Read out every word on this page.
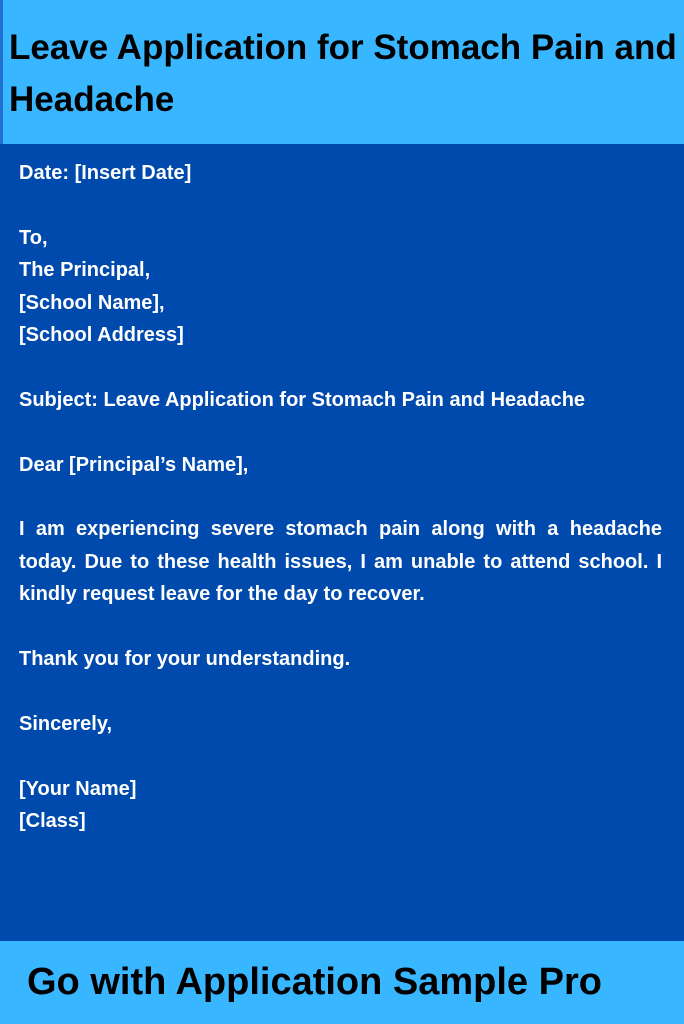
Leave Application for Stomach Pain and Headache

Date: [Insert Date]

To,

The Principal,

[School Name],

[School Address]

Subject: Leave Application for Stomach Pain and Headache

Dear [Principal’s Name],

I am experiencing severe stomach pain along with a headache today. Due to these health issues, I am unable to attend school. I kindly request leave for the day to recover.

Thank you for your understanding.

Sincerely,

[Your Name]

[Class]

Go with Application Sample Pro
